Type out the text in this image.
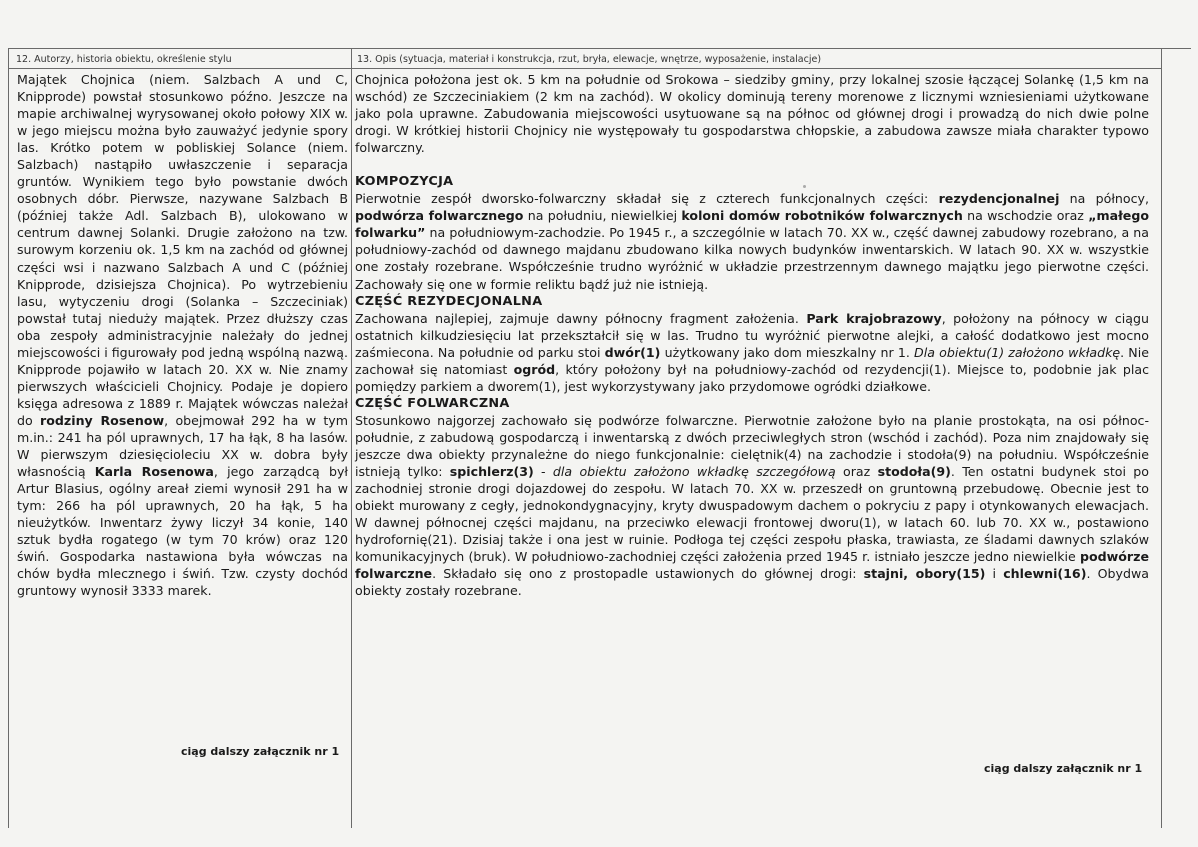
12. Autorzy, historia obiektu, określenie stylu	13. Opis (sytuacja, materiał i konstrukcja, rzut, bryła, elewacje, wnętrze, wyposażenie, instalacje)

Majątek Chojnica (niem. Salzbach A und C, Knipprode) powstał stosunkowo późno. Jeszcze na mapie archiwalnej wyrysowanej około połowy XIX w. w jego miejscu można było zauważyć jedynie spory las. Krótko potem w pobliskiej Solance (niem. Salzbach) nastąpiło uwłaszczenie i separacja gruntów. Wynikiem tego było powstanie dwóch osobnych dóbr. Pierwsze, nazywane Salzbach B (później także Adl. Salzbach B), ulokowano w centrum dawnej Solanki. Drugie założono na tzw. surowym korzeniu ok. 1,5 km na zachód od głównej części wsi i nazwano Salzbach A und C (później Knipprode, dzisiejsza Chojnica). Po wytrzebieniu lasu, wytyczeniu drogi (Solanka – Szczeciniak) powstał tutaj nieduży majątek. Przez dłuższy czas oba zespoły administracyjnie należały do jednej miejscowości i figurowały pod jedną wspólną nazwą. Knipprode pojawiło w latach 20. XX w. Nie znamy pierwszych właścicieli Chojnicy. Podaje je dopiero księga adresowa z 1889 r. Majątek wówczas należał do rodziny Rosenow, obejmował 292 ha w tym m.in.: 241 ha pól uprawnych, 17 ha łąk, 8 ha lasów. W pierwszym dziesięcioleciu XX w. dobra były własnością Karla Rosenowa, jego zarządcą był Artur Blasius, ogólny areał ziemi wynosił 291 ha w tym: 266 ha pól uprawnych, 20 ha łąk, 5 ha nieużytków. Inwentarz żywy liczył 34 konie, 140 sztuk bydła rogatego (w tym 70 krów) oraz 120 świń. Gospodarka nastawiona była wówczas na chów bydła mlecznego i świń. Tzw. czysty dochód gruntowy wynosił 3333 marek.

ciąg dalszy załącznik nr 1

Chojnica położona jest ok. 5 km na południe od Srokowa – siedziby gminy, przy lokalnej szosie łączącej Solankę (1,5 km na wschód) ze Szczeciniakiem (2 km na zachód). W okolicy dominują tereny morenowe z licznymi wzniesieniami użytkowane jako pola uprawne. Zabudowania miejscowości usytuowane są na północ od głównej drogi i prowadzą do nich dwie polne drogi. W krótkiej historii Chojnicy nie występowały tu gospodarstwa chłopskie, a zabudowa zawsze miała charakter typowo folwarczny.

KOMPOZYCJA

Pierwotnie zespół dworsko-folwarczny składał się z czterech funkcjonalnych części: rezydencjonalnej na północy, podwórza folwarcznego na południu, niewielkiej koloni domów robotników folwarcznych na wschodzie oraz „małego folwarku” na południowym-zachodzie. Po 1945 r., a szczególnie w latach 70. XX w., część dawnej zabudowy rozebrano, a na południowy-zachód od dawnego majdanu zbudowano kilka nowych budynków inwentarskich. W latach 90. XX w. wszystkie one zostały rozebrane. Współcześnie trudno wyróżnić w układzie przestrzennym dawnego majątku jego pierwotne części. Zachowały się one w formie reliktu bądź już nie istnieją.

CZĘŚĆ REZYDECJONALNA

Zachowana najlepiej, zajmuje dawny północny fragment założenia. Park krajobrazowy, położony na północy w ciągu ostatnich kilkudziesięciu lat przekształcił się w las. Trudno tu wyróżnić pierwotne alejki, a całość dodatkowo jest mocno zaśmiecona. Na południe od parku stoi dwór(1) użytkowany jako dom mieszkalny nr 1. Dla obiektu(1) założono wkładkę. Nie zachował się natomiast ogród, który położony był na południowy-zachód od rezydencji(1). Miejsce to, podobnie jak plac pomiędzy parkiem a dworem(1), jest wykorzystywany jako przydomowe ogródki działkowe.

CZĘŚĆ FOLWARCZNA

Stosunkowo najgorzej zachowało się podwórze folwarczne. Pierwotnie założone było na planie prostokąta, na osi północ-południe, z zabudową gospodarczą i inwentarską z dwóch przeciwległych stron (wschód i zachód). Poza nim znajdowały się jeszcze dwa obiekty przynależne do niego funkcjonalnie: cielętnik(4) na zachodzie i stodoła(9) na południu. Współcześnie istnieją tylko: spichlerz(3) - dla obiektu założono wkładkę szczegółową oraz stodoła(9). Ten ostatni budynek stoi po zachodniej stronie drogi dojazdowej do zespołu. W latach 70. XX w. przeszedł on gruntowną przebudowę. Obecnie jest to obiekt murowany z cegły, jednokondygnacyjny, kryty dwuspadowym dachem o pokryciu z papy i otynkowanych elewacjach. W dawnej północnej części majdanu, na przeciwko elewacji frontowej dworu(1), w latach 60. lub 70. XX w., postawiono hydrofornię(21). Dzisiaj także i ona jest w ruinie. Podłoga tej części zespołu płaska, trawiasta, ze śladami dawnych szlaków komunikacyjnych (bruk). W południowo-zachodniej części założenia przed 1945 r. istniało jeszcze jedno niewielkie podwórze folwarczne. Składało się ono z prostopadle ustawionych do głównej drogi: stajni, obory(15) i chlewni(16). Obydwa obiekty zostały rozebrane.

ciąg dalszy załącznik nr 1
